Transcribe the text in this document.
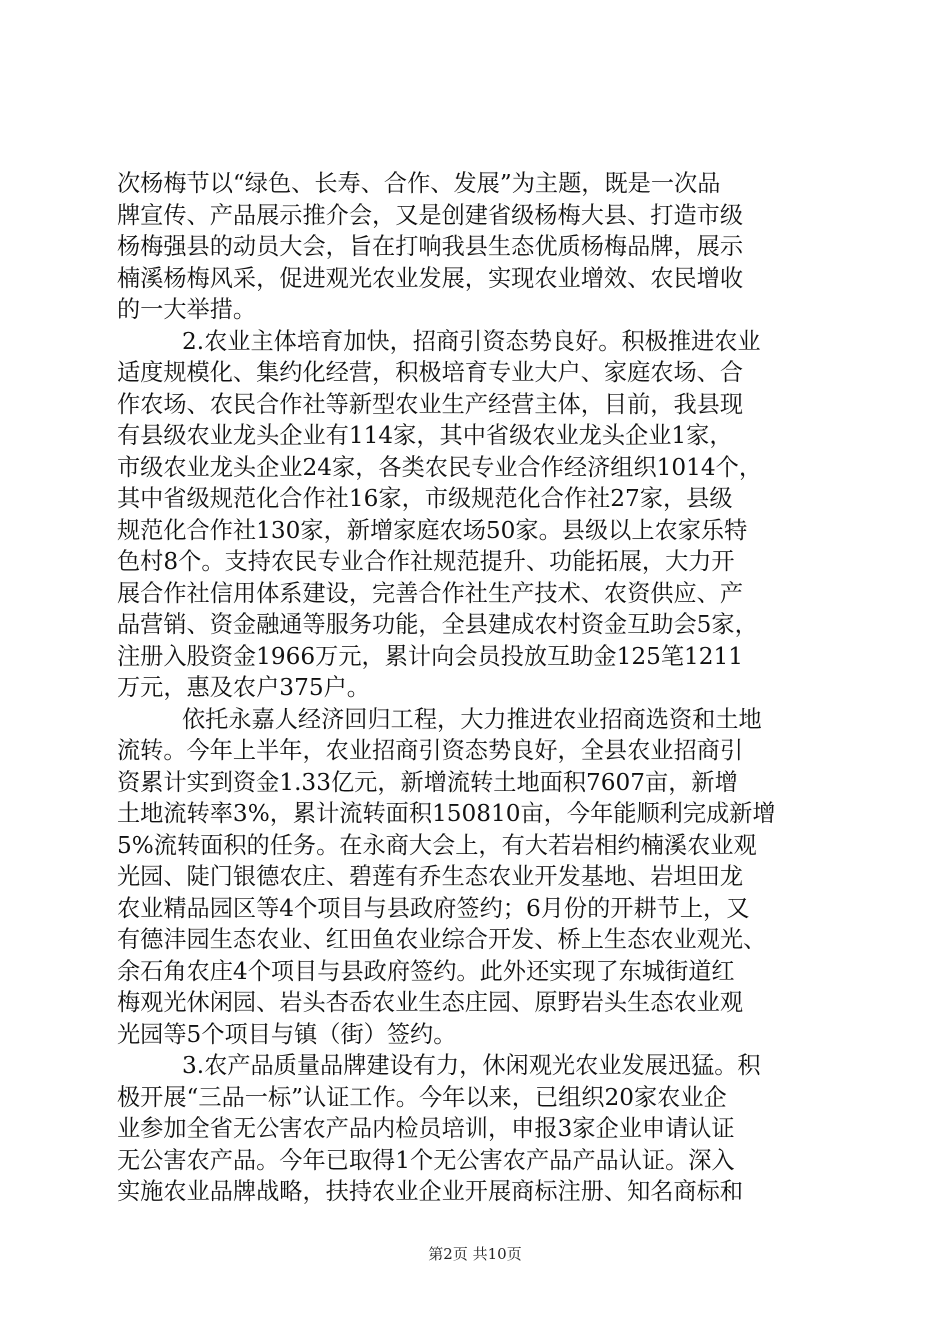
次杨梅节以“绿色、长寿、合作、发展”为主题，既是一次品
牌宣传、产品展示推介会，又是创建省级杨梅大县、打造市级
杨梅强县的动员大会，旨在打响我县生态优质杨梅品牌，展示
楠溪杨梅风采，促进观光农业发展，实现农业增效、农民增收
的一大举措。
2.农业主体培育加快，招商引资态势良好。积极推进农业
适度规模化、集约化经营，积极培育专业大户、家庭农场、合
作农场、农民合作社等新型农业生产经营主体，目前，我县现
有县级农业龙头企业有114家，其中省级农业龙头企业1家，
市级农业龙头企业24家，各类农民专业合作经济组织1014个，
其中省级规范化合作社16家，市级规范化合作社27家，县级
规范化合作社130家，新增家庭农场50家。县级以上农家乐特
色村8个。支持农民专业合作社规范提升、功能拓展，大力开
展合作社信用体系建设，完善合作社生产技术、农资供应、产
品营销、资金融通等服务功能，全县建成农村资金互助会5家，
注册入股资金1966万元，累计向会员投放互助金125笔1211
万元，惠及农户375户。
依托永嘉人经济回归工程，大力推进农业招商选资和土地
流转。今年上半年，农业招商引资态势良好，全县农业招商引
资累计实到资金1.33亿元，新增流转土地面积7607亩，新增
土地流转率3%，累计流转面积150810亩，今年能顺利完成新增
5%流转面积的任务。在永商大会上，有大若岩相约楠溪农业观
光园、陡门银德农庄、碧莲有乔生态农业开发基地、岩坦田龙
农业精品园区等4个项目与县政府签约；6月份的开耕节上，又
有德沣园生态农业、红田鱼农业综合开发、桥上生态农业观光、
余石角农庄4个项目与县政府签约。此外还实现了东城街道红
梅观光休闲园、岩头杏岙农业生态庄园、原野岩头生态农业观
光园等5个项目与镇（街）签约。
3.农产品质量品牌建设有力，休闲观光农业发展迅猛。积
极开展“三品一标”认证工作。今年以来，已组织20家农业企
业参加全省无公害农产品内检员培训，申报3家企业申请认证
无公害农产品。今年已取得1个无公害农产品产品认证。深入
实施农业品牌战略，扶持农业企业开展商标注册、知名商标和
第2页 共10页
